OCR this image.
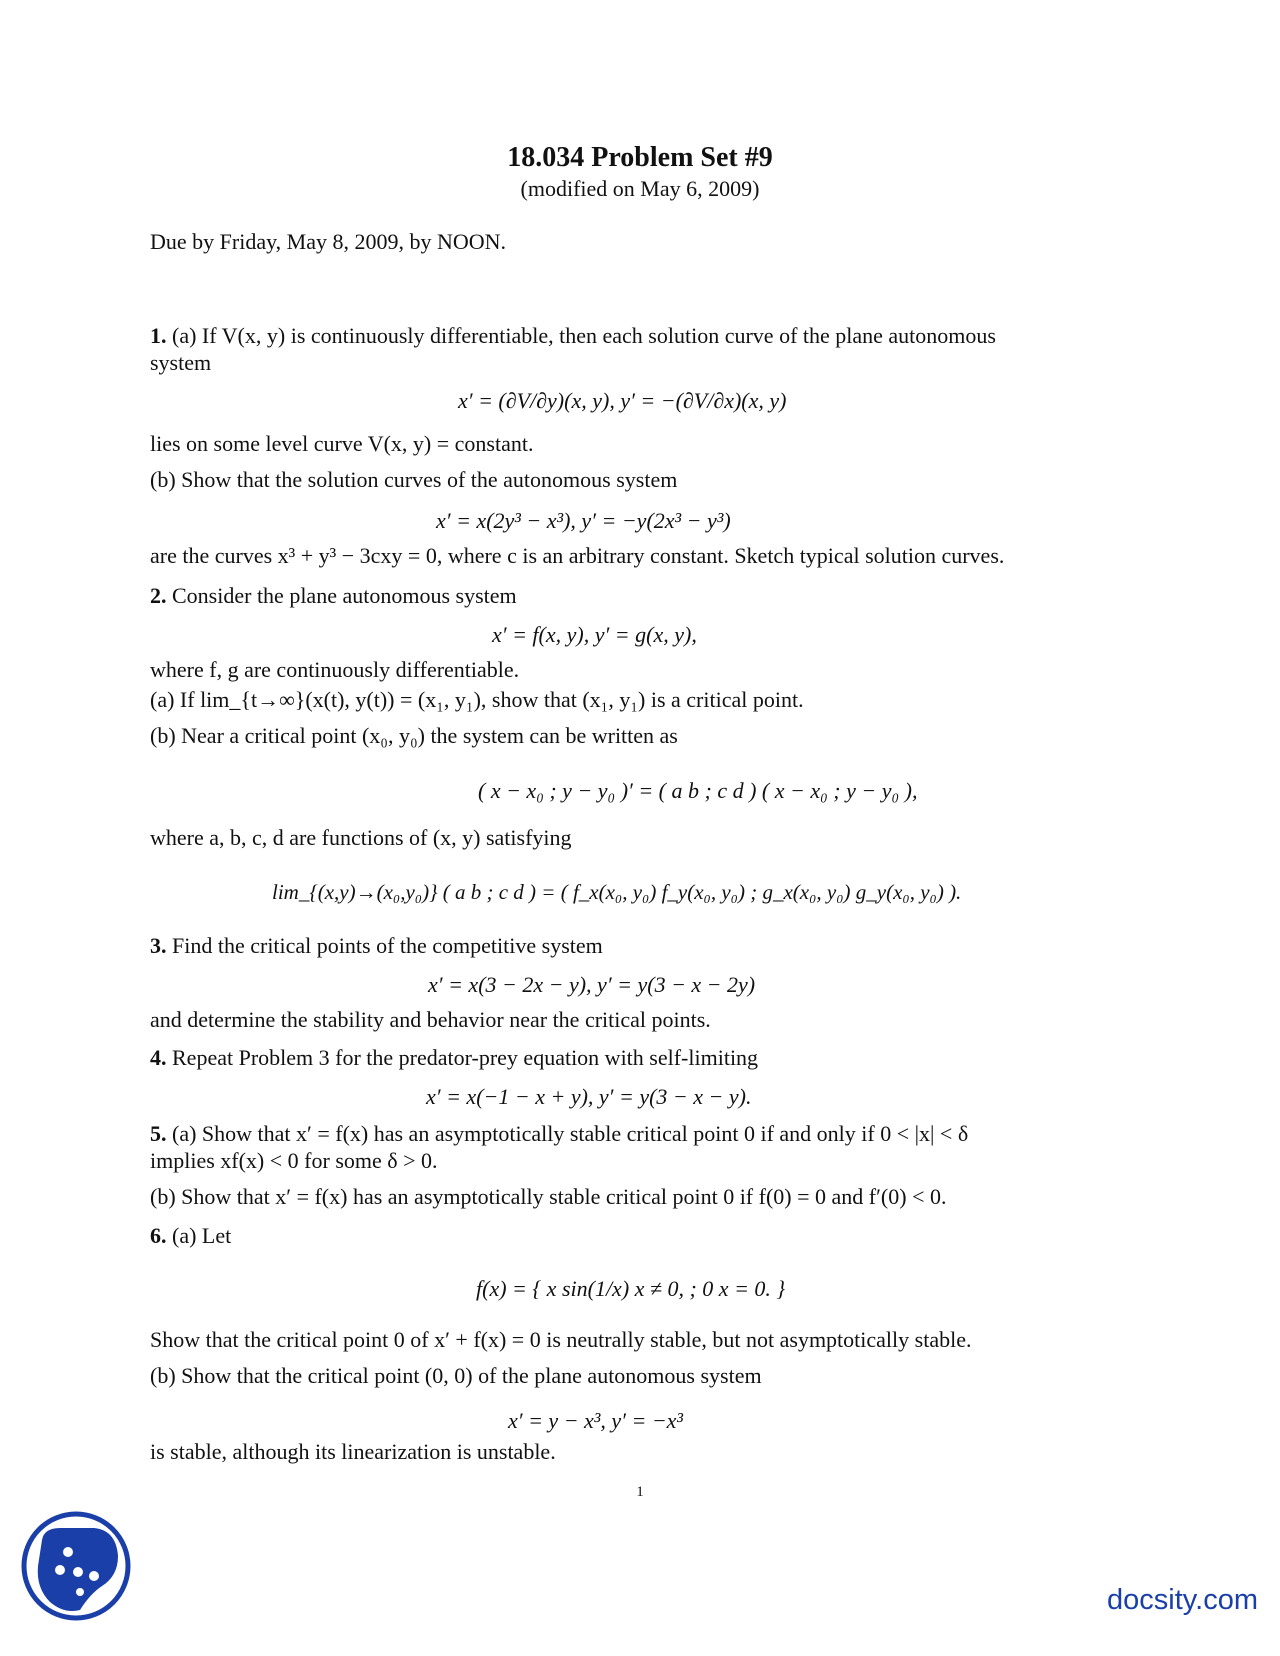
18.034 Problem Set #9
(modified on May 6, 2009)
Due by Friday, May 8, 2009, by NOON.
1. (a) If V(x, y) is continuously differentiable, then each solution curve of the plane autonomous
system
x′ = (∂V/∂y)(x, y), y′ = −(∂V/∂x)(x, y)
lies on some level curve V(x, y) = constant.
(b) Show that the solution curves of the autonomous system
x′ = x(2y³ − x³), y′ = −y(2x³ − y³)
are the curves x³ + y³ − 3cxy = 0, where c is an arbitrary constant. Sketch typical solution curves.
2. Consider the plane autonomous system
x′ = f(x, y), y′ = g(x, y),
where f, g are continuously differentiable.
(a) If lim_{t→∞}(x(t), y(t)) = (x₁, y₁), show that (x₁, y₁) is a critical point.
(b) Near a critical point (x₀, y₀) the system can be written as
( x − x₀ ; y − y₀ )′ = ( a b ; c d ) ( x − x₀ ; y − y₀ ),
where a, b, c, d are functions of (x, y) satisfying
lim_{(x,y)→(x₀,y₀)} ( a b ; c d ) = ( f_x(x₀, y₀) f_y(x₀, y₀) ; g_x(x₀, y₀) g_y(x₀, y₀) ).
3. Find the critical points of the competitive system
x′ = x(3 − 2x − y), y′ = y(3 − x − 2y)
and determine the stability and behavior near the critical points.
4. Repeat Problem 3 for the predator-prey equation with self-limiting
x′ = x(−1 − x + y), y′ = y(3 − x − y).
5. (a) Show that x′ = f(x) has an asymptotically stable critical point 0 if and only if 0 < |x| < δ
implies xf(x) < 0 for some δ > 0.
(b) Show that x′ = f(x) has an asymptotically stable critical point 0 if f(0) = 0 and f′(0) < 0.
6. (a) Let
f(x) = { x sin(1/x) x ≠ 0, ; 0 x = 0. }
Show that the critical point 0 of x′ + f(x) = 0 is neutrally stable, but not asymptotically stable.
(b) Show that the critical point (0, 0) of the plane autonomous system
x′ = y − x³, y′ = −x³
is stable, although its linearization is unstable.
1
docsity.com
